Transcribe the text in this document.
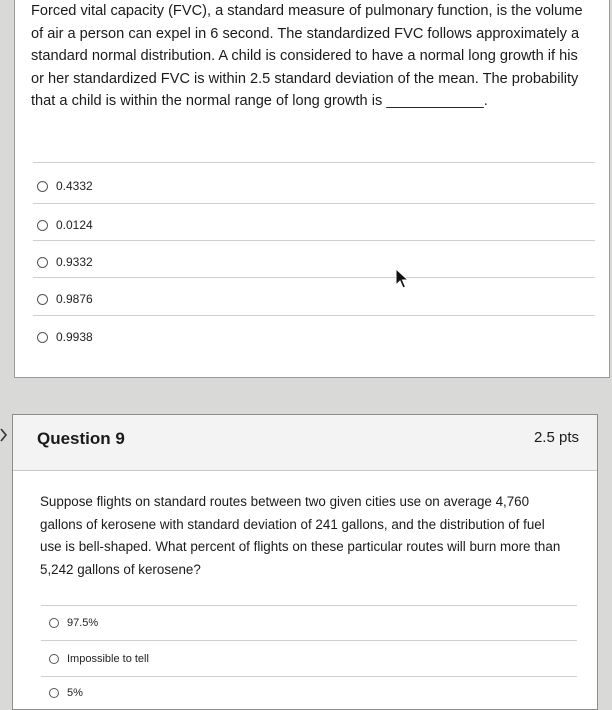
Forced vital capacity (FVC), a standard measure of pulmonary function, is the volume of air a person can expel in 6 second. The standardized FVC follows approximately a standard normal distribution. A child is considered to have a normal long growth if his or her standardized FVC is within 2.5 standard deviation of the mean. The probability that a child is within the normal range of long growth is ____________.

0.4332
0.0124
0.9332
0.9876
0.9938
Question 9	2.5 pts

Suppose flights on standard routes between two given cities use on average 4,760 gallons of kerosene with standard deviation of 241 gallons, and the distribution of fuel use is bell-shaped. What percent of flights on these particular routes will burn more than 5,242 gallons of kerosene?

97.5%
Impossible to tell
5%
